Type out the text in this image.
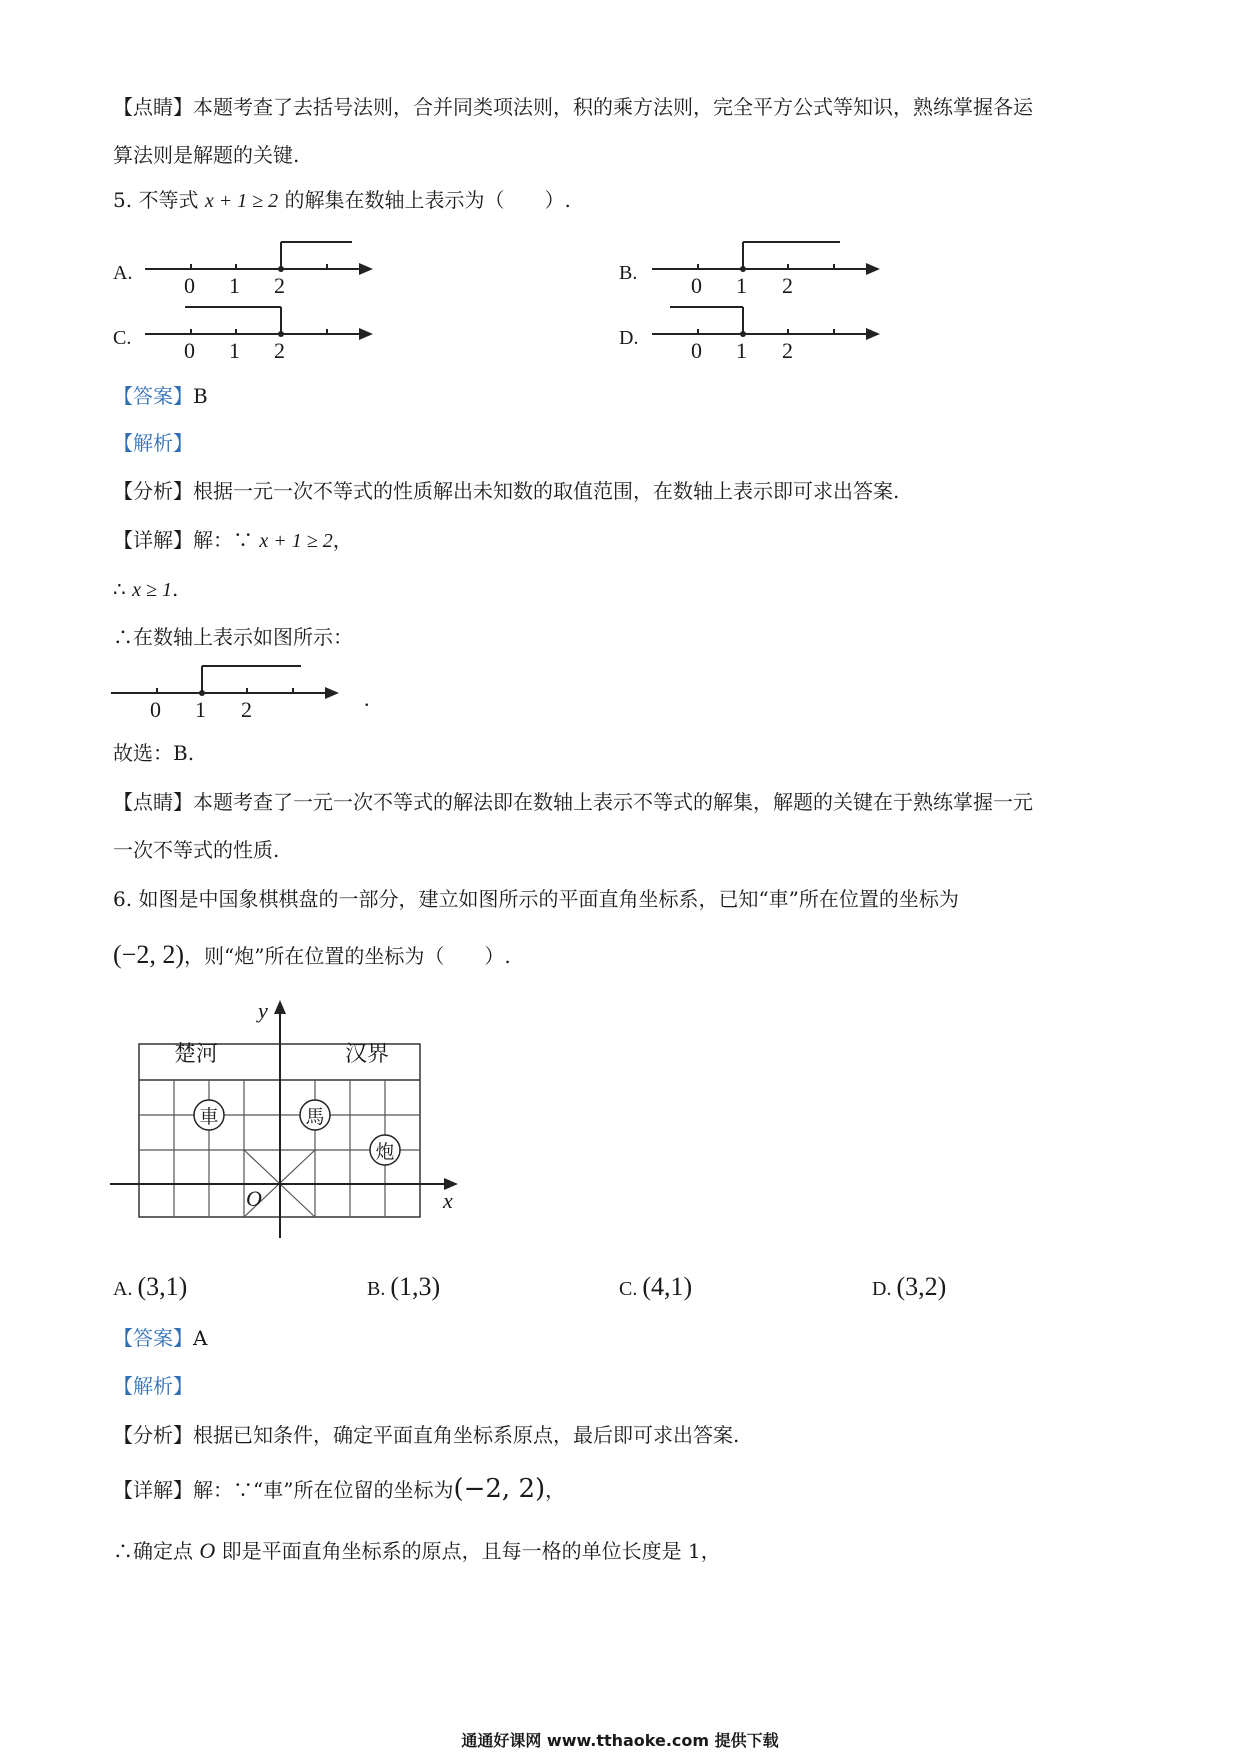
【点睛】本题考查了去括号法则，合并同类项法则，积的乘方法则，完全平方公式等知识，熟练掌握各运
算法则是解题的关键.
5. 不等式 x + 1 ≥ 2 的解集在数轴上表示为（　　）.
A. 0 1 2	B. 0 1 2
C. 0 1 2	D. 0 1 2
【答案】B
【解析】
【分析】根据一元一次不等式的性质解出未知数的取值范围，在数轴上表示即可求出答案.
【详解】解：∵ x + 1 ≥ 2，
∴ x ≥ 1.
∴在数轴上表示如图所示：
0 1 2	.
故选：B.
【点睛】本题考查了一元一次不等式的解法即在数轴上表示不等式的解集，解题的关键在于熟练掌握一元
一次不等式的性质.
6. 如图是中国象棋棋盘的一部分，建立如图所示的平面直角坐标系，已知“車”所在位置的坐标为
(−2, 2)，则“炮”所在位置的坐标为（　　）.
楚河	汉界
車	馬
炮
y
x
O
A. (3,1)	B. (1,3)	C. (4,1)	D. (3,2)
【答案】A
【解析】
【分析】根据已知条件，确定平面直角坐标系原点，最后即可求出答案.
【详解】解：∵“車”所在位留的坐标为(−2, 2)，
∴确定点 O 即是平面直角坐标系的原点，且每一格的单位长度是 1，
通通好课网 www.tthaoke.com 提供下载
